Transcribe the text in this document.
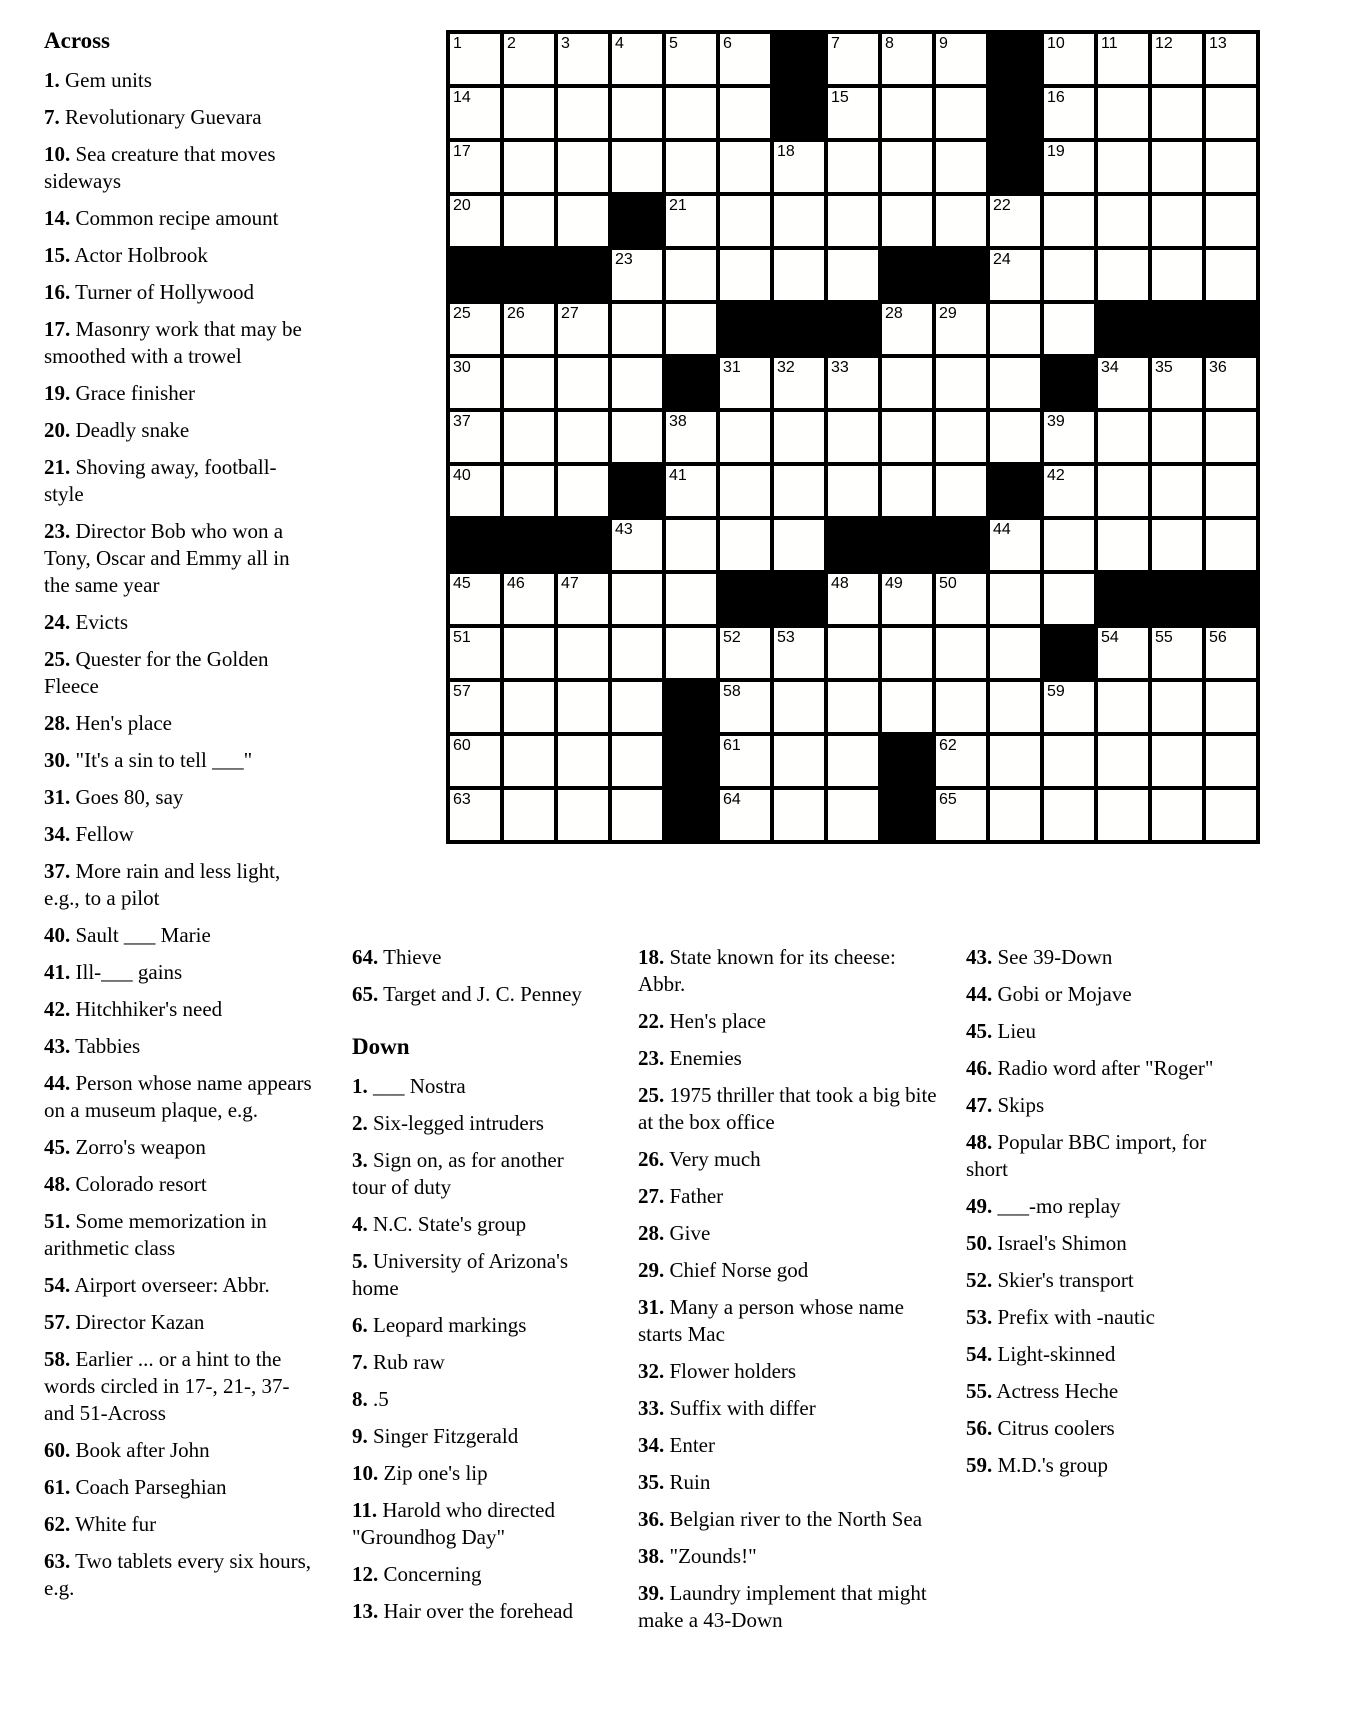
Across
1. Gem units
7. Revolutionary Guevara
10. Sea creature that moves sideways
14. Common recipe amount
15. Actor Holbrook
16. Turner of Hollywood
17. Masonry work that may be smoothed with a trowel
19. Grace finisher
20. Deadly snake
21. Shoving away, football-style
23. Director Bob who won a Tony, Oscar and Emmy all in the same year
24. Evicts
25. Quester for the Golden Fleece
28. Hen's place
30. "It's a sin to tell ___"
31. Goes 80, say
34. Fellow
37. More rain and less light, e.g., to a pilot
40. Sault ___ Marie
41. Ill-___ gains
42. Hitchhiker's need
43. Tabbies
44. Person whose name appears on a museum plaque, e.g.
45. Zorro's weapon
48. Colorado resort
51. Some memorization in arithmetic class
54. Airport overseer: Abbr.
57. Director Kazan
58. Earlier ... or a hint to the words circled in 17-, 21-, 37- and 51-Across
60. Book after John
61. Coach Parseghian
62. White fur
63. Two tablets every six hours, e.g.
1	2	3	4	5	6	7	8	9	10 11 12 13
14	15	16
17	18	19
20	21	22
23	24
25 26 27	28 29
30	31 32 33	34 35 36
37	38	39
40	41	42
43	44
45 46 47	48 49 50
51	52 53	54 55 56
57	58	59
60	61	62
63	64	65
64. Thieve
65. Target and J. C. Penney
Down
1. ___ Nostra
2. Six-legged intruders
3. Sign on, as for another tour of duty
4. N.C. State's group
5. University of Arizona's home
6. Leopard markings
7. Rub raw
8. .5
9. Singer Fitzgerald
10. Zip one's lip
11. Harold who directed "Groundhog Day"
12. Concerning
13. Hair over the forehead
18. State known for its cheese: Abbr.
22. Hen's place
23. Enemies
25. 1975 thriller that took a big bite at the box office
26. Very much
27. Father
28. Give
29. Chief Norse god
31. Many a person whose name starts Mac
32. Flower holders
33. Suffix with differ
34. Enter
35. Ruin
36. Belgian river to the North Sea
38. "Zounds!"
39. Laundry implement that might make a 43-Down
43. See 39-Down
44. Gobi or Mojave
45. Lieu
46. Radio word after "Roger"
47. Skips
48. Popular BBC import, for short
49. ___-mo replay
50. Israel's Shimon
52. Skier's transport
53. Prefix with -nautic
54. Light-skinned
55. Actress Heche
56. Citrus coolers
59. M.D.'s group
